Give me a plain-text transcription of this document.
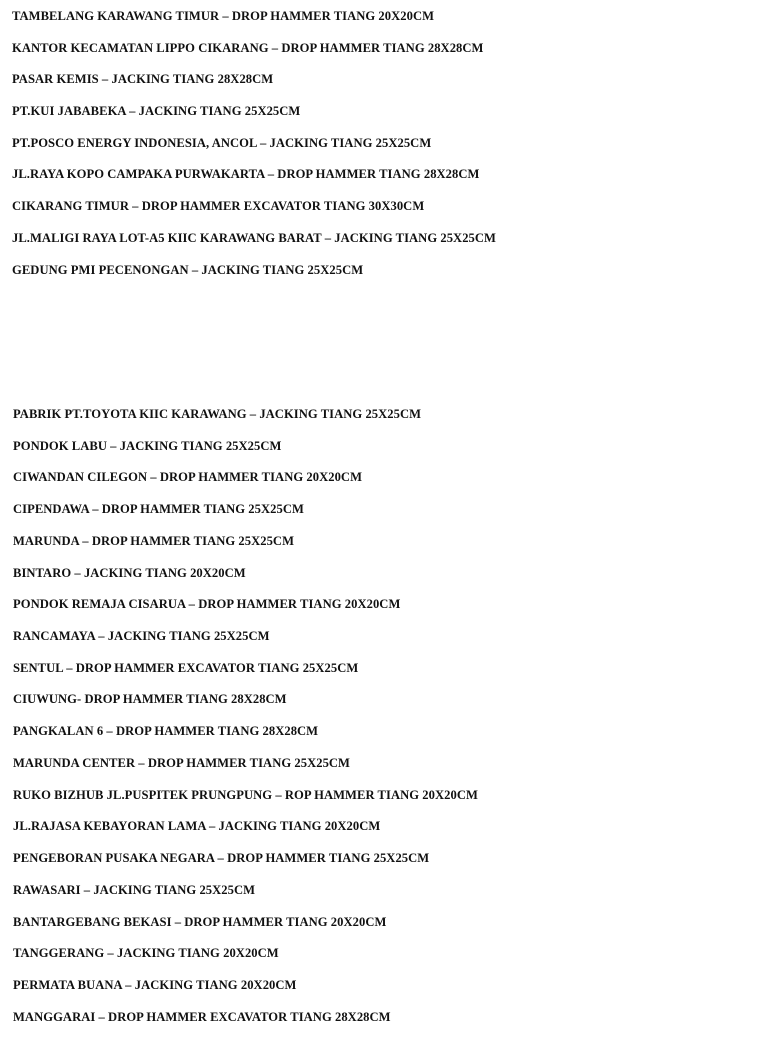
TAMBELANG KARAWANG TIMUR – DROP HAMMER TIANG 20X20CM
KANTOR KECAMATAN LIPPO CIKARANG – DROP HAMMER TIANG 28X28CM
PASAR KEMIS – JACKING TIANG 28X28CM
PT.KUI JABABEKA – JACKING TIANG 25X25CM
PT.POSCO ENERGY INDONESIA, ANCOL – JACKING TIANG 25X25CM
JL.RAYA KOPO CAMPAKA PURWAKARTA – DROP HAMMER TIANG 28X28CM
CIKARANG TIMUR – DROP HAMMER EXCAVATOR TIANG 30X30CM
JL.MALIGI RAYA LOT-A5 KIIC KARAWANG BARAT – JACKING TIANG 25X25CM
GEDUNG PMI PECENONGAN – JACKING TIANG 25X25CM
PABRIK PT.TOYOTA KIIC KARAWANG – JACKING TIANG 25X25CM
PONDOK LABU – JACKING TIANG 25X25CM
CIWANDAN CILEGON – DROP HAMMER TIANG 20X20CM
CIPENDAWA – DROP HAMMER TIANG 25X25CM
MARUNDA – DROP HAMMER TIANG 25X25CM
BINTARO – JACKING TIANG 20X20CM
PONDOK REMAJA CISARUA – DROP HAMMER TIANG 20X20CM
RANCAMAYA – JACKING TIANG 25X25CM
SENTUL – DROP HAMMER EXCAVATOR TIANG 25X25CM
CIUWUNG- DROP HAMMER TIANG 28X28CM
PANGKALAN 6 – DROP HAMMER TIANG 28X28CM
MARUNDA CENTER – DROP HAMMER TIANG 25X25CM
RUKO BIZHUB JL.PUSPITEK PRUNGPUNG – ROP HAMMER TIANG 20X20CM
JL.RAJASA KEBAYORAN LAMA – JACKING TIANG 20X20CM
PENGEBORAN PUSAKA NEGARA – DROP HAMMER TIANG 25X25CM
RAWASARI – JACKING TIANG 25X25CM
BANTARGEBANG BEKASI – DROP HAMMER TIANG 20X20CM
TANGGERANG – JACKING TIANG 20X20CM
PERMATA BUANA – JACKING TIANG 20X20CM
MANGGARAI – DROP HAMMER EXCAVATOR TIANG 28X28CM
